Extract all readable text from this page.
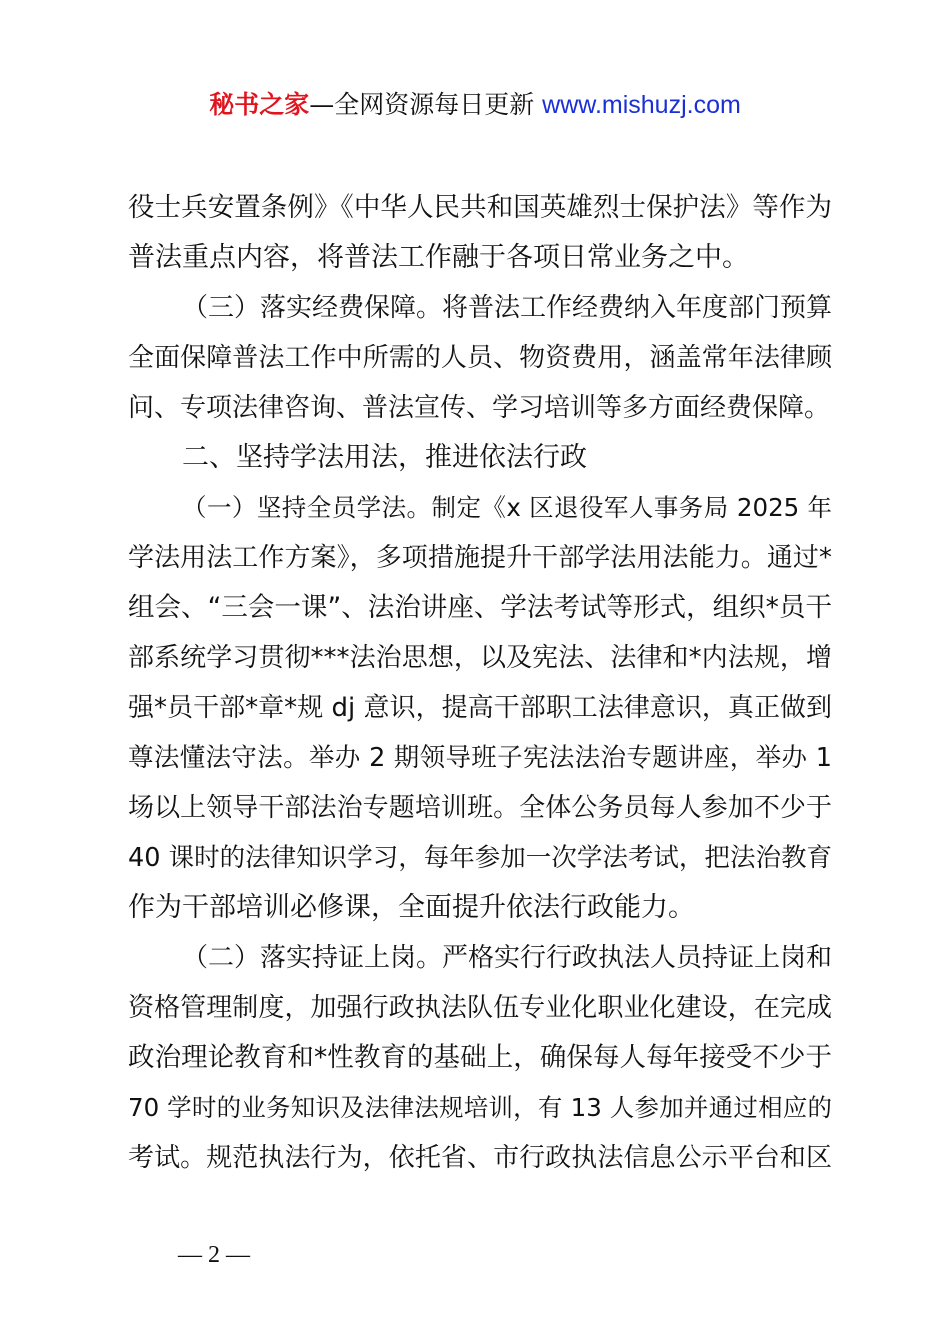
秘书之家—全网资源每日更新 www.mishuzj.com
役士兵安置条例》《中华人民共和国英雄烈士保护法》等作为
普法重点内容，将普法工作融于各项日常业务之中。
（三）落实经费保障。将普法工作经费纳入年度部门预算
全面保障普法工作中所需的人员、物资费用，涵盖常年法律顾
问、专项法律咨询、普法宣传、学习培训等多方面经费保障。
二、坚持学法用法，推进依法行政
（一）坚持全员学法。制定《x 区退役军人事务局 2025 年
学法用法工作方案》，多项措施提升干部学法用法能力。通过*
组会、“三会一课”、法治讲座、学法考试等形式，组织*员干
部系统学习贯彻***法治思想，以及宪法、法律和*内法规，增
强*员干部*章*规 dj 意识，提高干部职工法律意识，真正做到
尊法懂法守法。举办 2 期领导班子宪法法治专题讲座，举办 1
场以上领导干部法治专题培训班。全体公务员每人参加不少于
40 课时的法律知识学习，每年参加一次学法考试，把法治教育
作为干部培训必修课，全面提升依法行政能力。
（二）落实持证上岗。严格实行行政执法人员持证上岗和
资格管理制度，加强行政执法队伍专业化职业化建设，在完成
政治理论教育和*性教育的基础上，确保每人每年接受不少于
70 学时的业务知识及法律法规培训，有 13 人参加并通过相应的
考试。规范执法行为，依托省、市行政执法信息公示平台和区
— 2 —
